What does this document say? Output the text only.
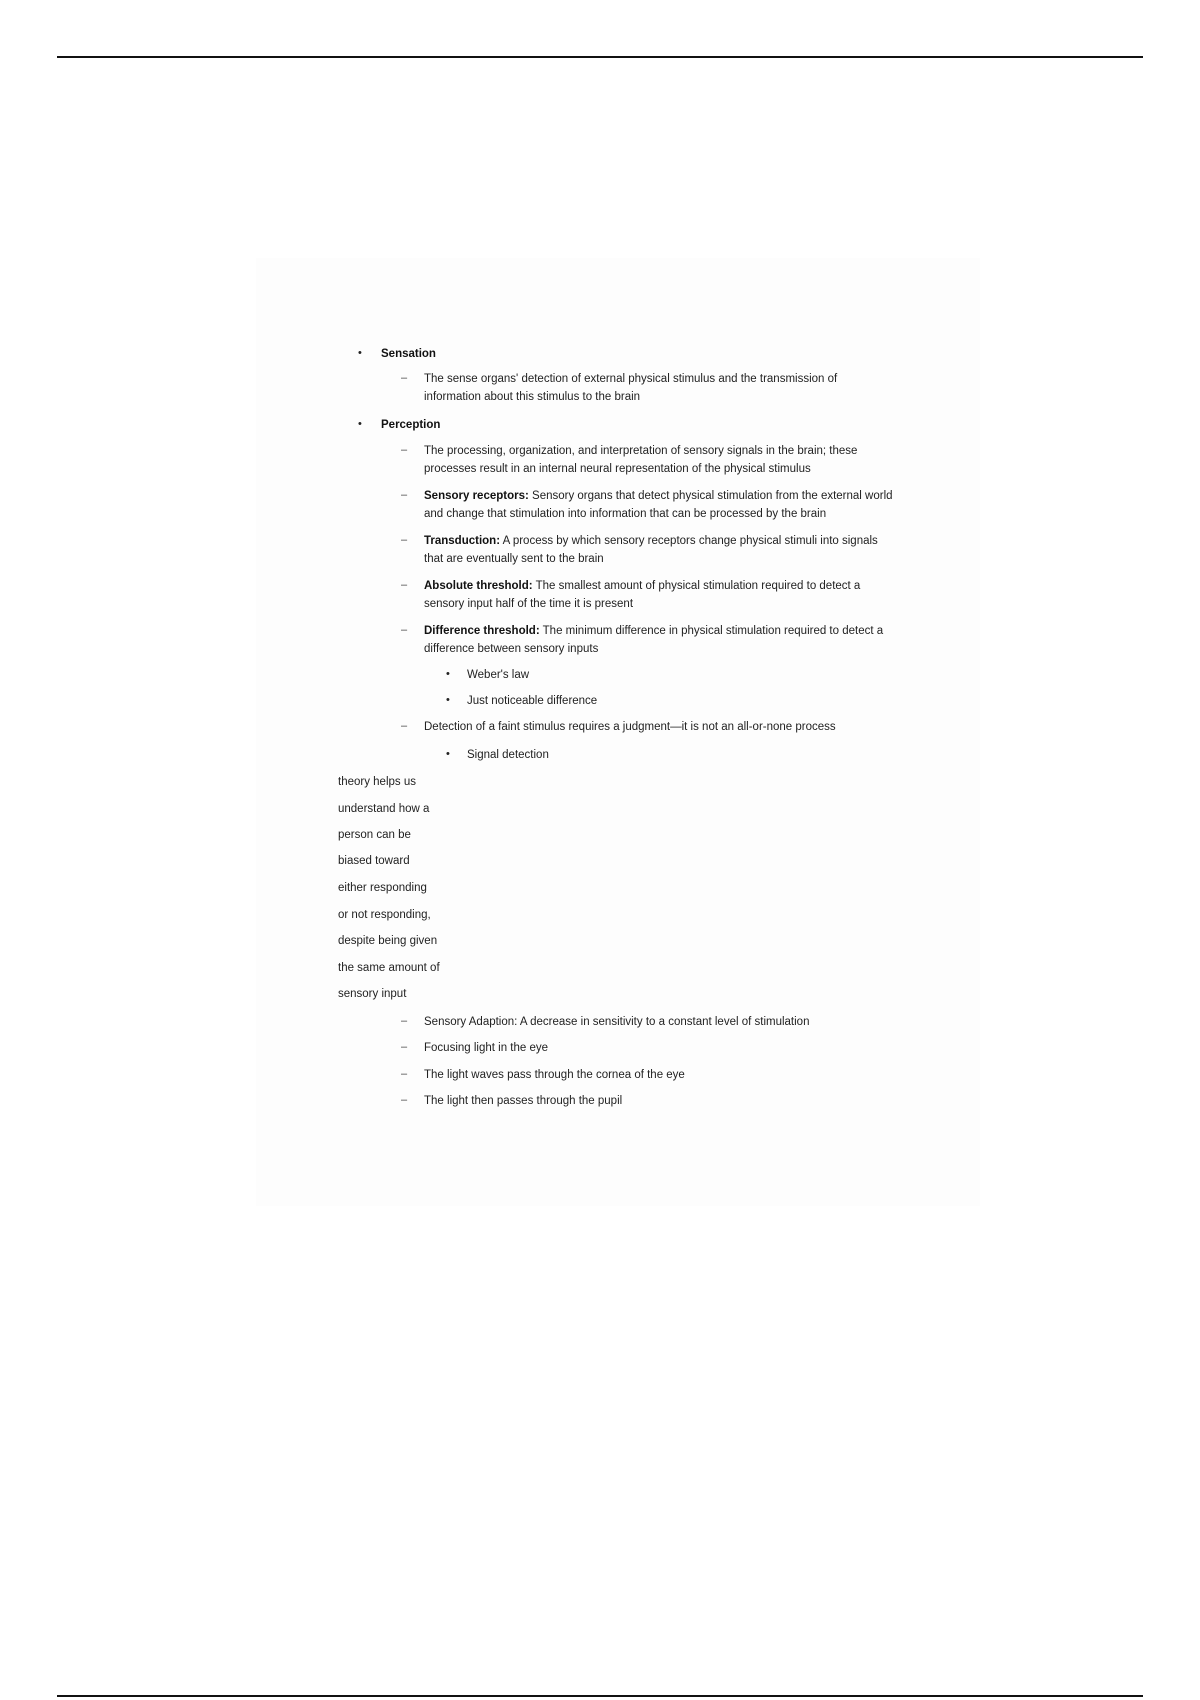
• Sensation
– The sense organs' detection of external physical stimulus and the transmission of information about this stimulus to the brain
• Perception
– The processing, organization, and interpretation of sensory signals in the brain; these processes result in an internal neural representation of the physical stimulus
– Sensory receptors: Sensory organs that detect physical stimulation from the external world and change that stimulation into information that can be processed by the brain
– Transduction: A process by which sensory receptors change physical stimuli into signals that are eventually sent to the brain
– Absolute threshold: The smallest amount of physical stimulation required to detect a sensory input half of the time it is present
– Difference threshold: The minimum difference in physical stimulation required to detect a difference between sensory inputs
• Weber's law
• Just noticeable difference
– Detection of a faint stimulus requires a judgment—it is not an all-or-none process
• Signal detection
theory helps us
understand how a
person can be
biased toward
either responding
or not responding,
despite being given
the same amount of
sensory input
– Sensory Adaption: A decrease in sensitivity to a constant level of stimulation
– Focusing light in the eye
– The light waves pass through the cornea of the eye
– The light then passes through the pupil
